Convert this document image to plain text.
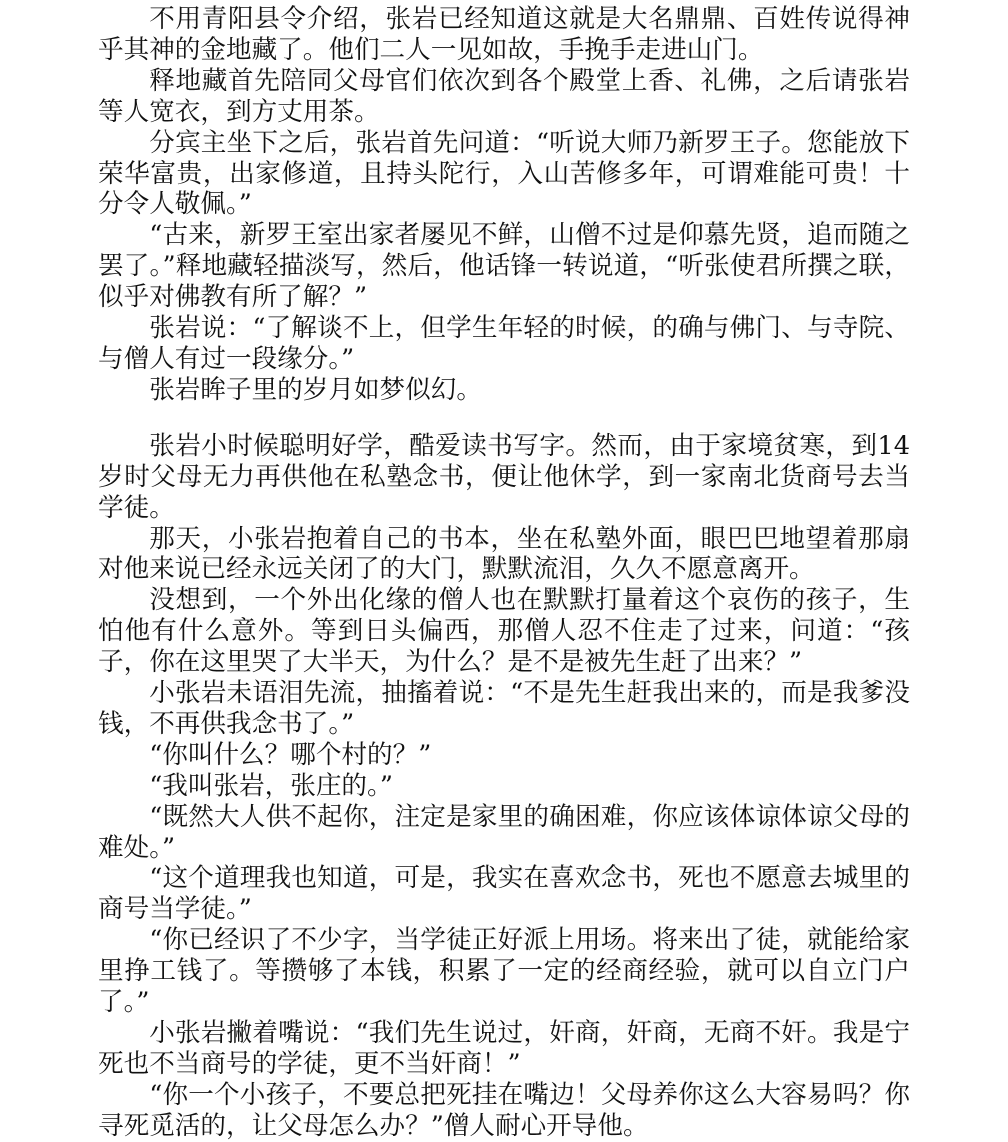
不用青阳县令介绍，张岩已经知道这就是大名鼎鼎、百姓传说得神乎其神的金地藏了。他们二人一见如故，手挽手走进山门。

释地藏首先陪同父母官们依次到各个殿堂上香、礼佛，之后请张岩等人宽衣，到方丈用茶。

分宾主坐下之后，张岩首先问道：“听说大师乃新罗王子。您能放下荣华富贵，出家修道，且持头陀行，入山苦修多年，可谓难能可贵！十分令人敬佩。”

“古来，新罗王室出家者屡见不鲜，山僧不过是仰慕先贤，追而随之罢了。”释地藏轻描淡写，然后，他话锋一转说道，“听张使君所撰之联，似乎对佛教有所了解？”

张岩说：“了解谈不上，但学生年轻的时候，的确与佛门、与寺院、与僧人有过一段缘分。”

张岩眸子里的岁月如梦似幻。

张岩小时候聪明好学，酷爱读书写字。然而，由于家境贫寒，到14岁时父母无力再供他在私塾念书，便让他休学，到一家南北货商号去当学徒。

那天，小张岩抱着自己的书本，坐在私塾外面，眼巴巴地望着那扇对他来说已经永远关闭了的大门，默默流泪，久久不愿意离开。

没想到，一个外出化缘的僧人也在默默打量着这个哀伤的孩子，生怕他有什么意外。等到日头偏西，那僧人忍不住走了过来，问道：“孩子，你在这里哭了大半天，为什么？是不是被先生赶了出来？”

小张岩未语泪先流，抽搐着说：“不是先生赶我出来的，而是我爹没钱，不再供我念书了。”

“你叫什么？哪个村的？”

“我叫张岩，张庄的。”

“既然大人供不起你，注定是家里的确困难，你应该体谅体谅父母的难处。”

“这个道理我也知道，可是，我实在喜欢念书，死也不愿意去城里的商号当学徒。”

“你已经识了不少字，当学徒正好派上用场。将来出了徒，就能给家里挣工钱了。等攒够了本钱，积累了一定的经商经验，就可以自立门户了。”

小张岩撇着嘴说：“我们先生说过，奸商，奸商，无商不奸。我是宁死也不当商号的学徒，更不当奸商！”

“你一个小孩子，不要总把死挂在嘴边！父母养你这么大容易吗？你寻死觅活的，让父母怎么办？”僧人耐心开导他。
